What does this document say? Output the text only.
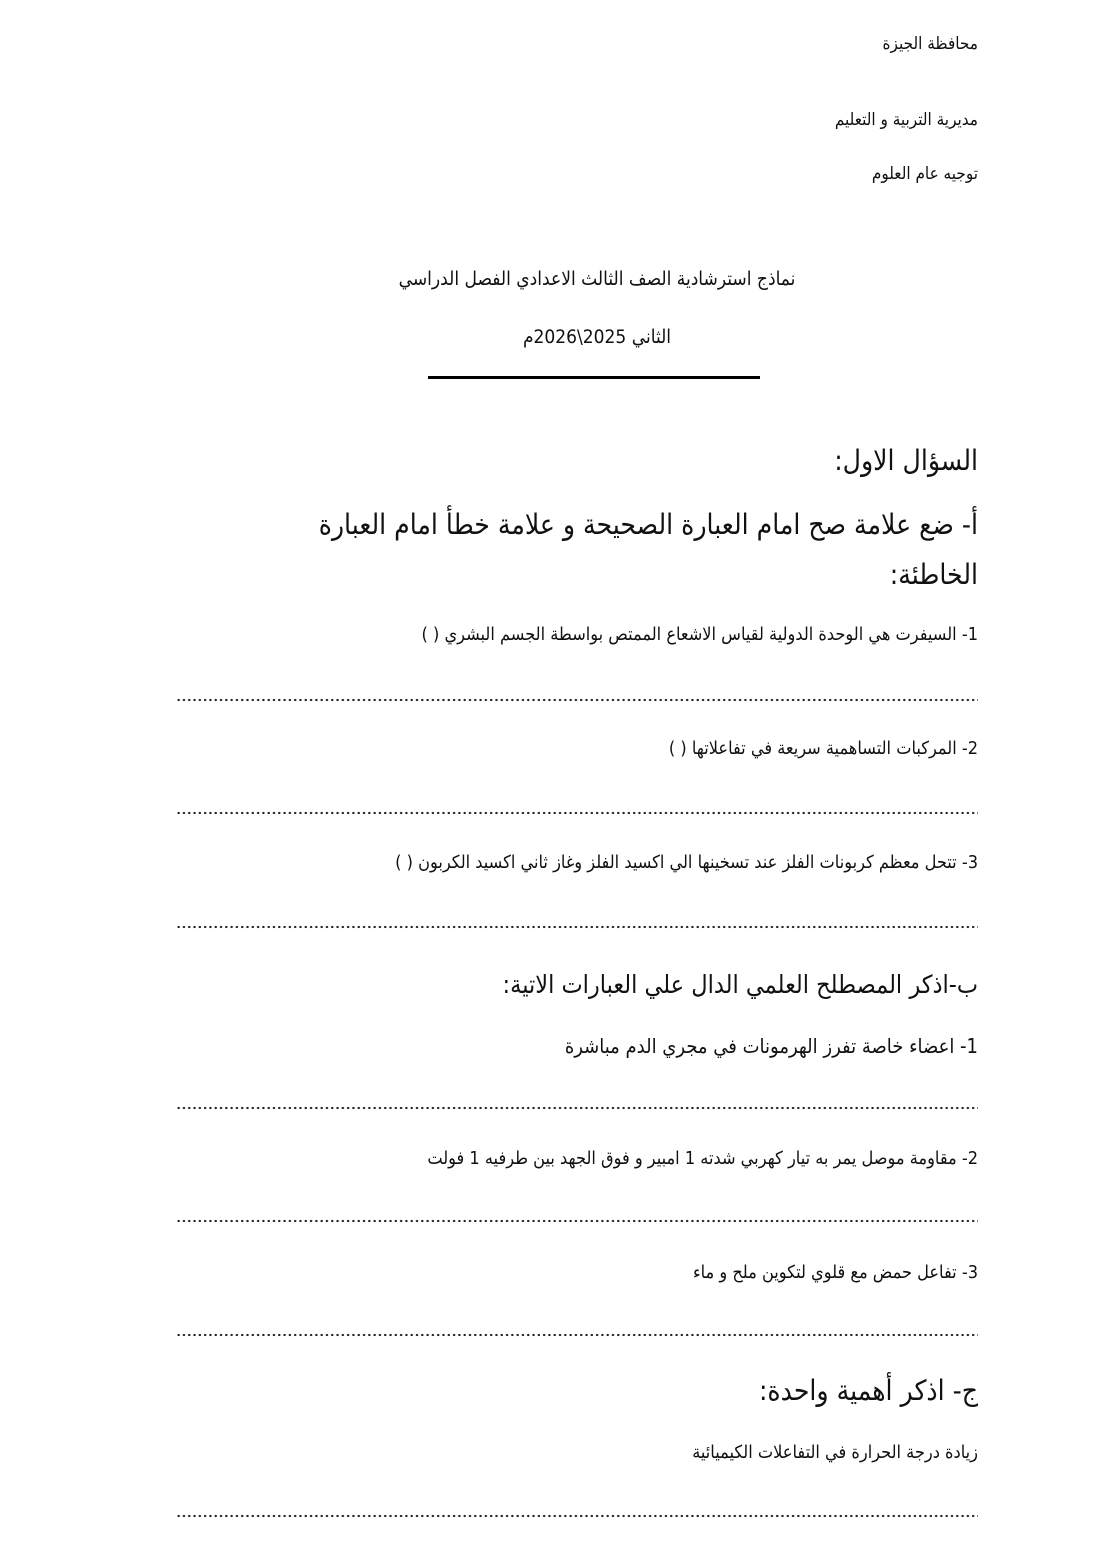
محافظة الجيزة
مديرية التربية و التعليم
توجيه عام العلوم
نماذج استرشادية الصف الثالث الاعدادي الفصل الدراسي
الثاني 2025\2026م
السؤال الاول:
أ- ضع علامة صح امام العبارة الصحيحة و علامة خطأ امام العبارة
الخاطئة:
1- السيفرت هي الوحدة الدولية لقياس الاشعاع الممتص بواسطة الجسم البشري ( )
2- المركبات التساهمية سريعة في تفاعلاتها ( )
3- تتحل معظم كربونات الفلز عند تسخينها الي اكسيد الفلز وغاز ثاني اكسيد الكربون ( )
ب-اذكر المصطلح العلمي الدال علي العبارات الاتية:
1- اعضاء خاصة تفرز الهرمونات في مجري الدم مباشرة
2- مقاومة موصل يمر به تيار كهربي شدته 1 امبير و فوق الجهد بين طرفيه 1 فولت
3- تفاعل حمض مع قلوي لتكوين ملح و ماء
ج- اذكر أهمية واحدة:
زيادة درجة الحرارة في التفاعلات الكيميائية
